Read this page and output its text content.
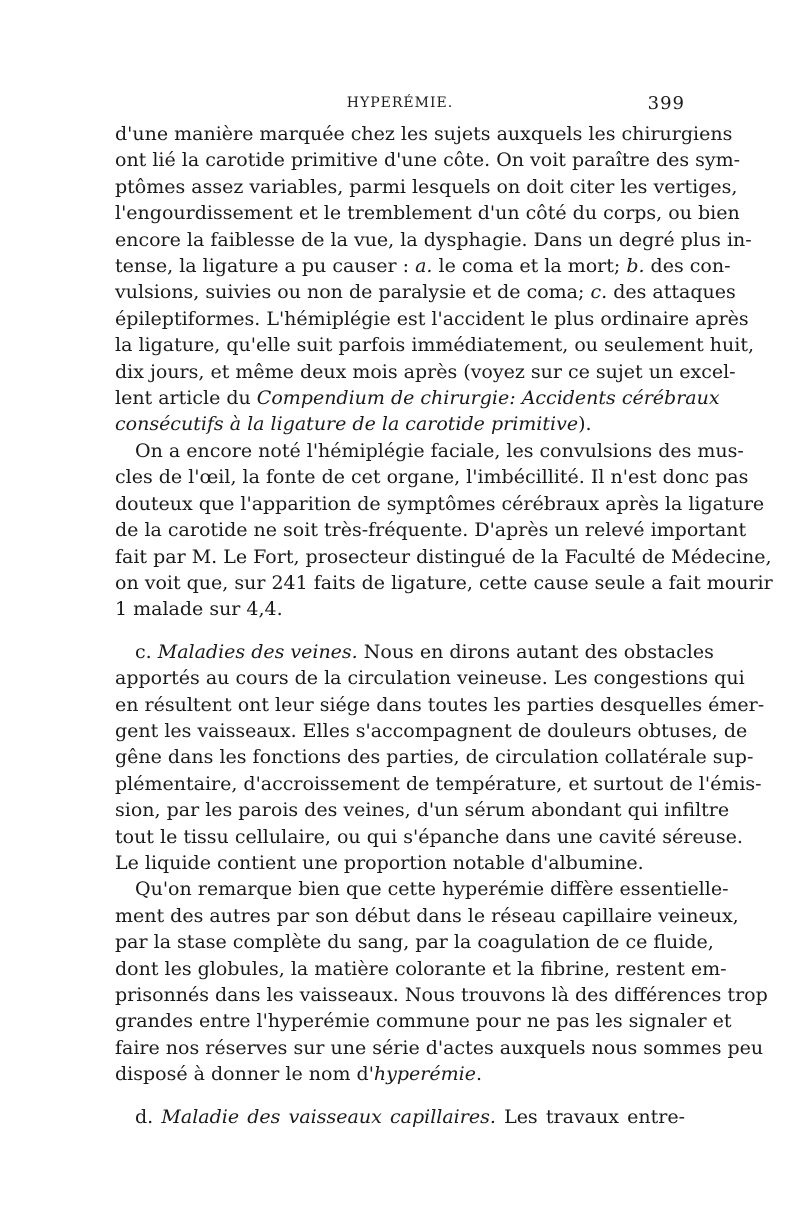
HYPERÉMIE.	399
d'une manière marquée chez les sujets auxquels les chirurgiens
ont lié la carotide primitive d'une côte. On voit paraître des sym-
ptômes assez variables, parmi lesquels on doit citer les vertiges,
l'engourdissement et le tremblement d'un côté du corps, ou bien
encore la faiblesse de la vue, la dysphagie. Dans un degré plus in-
tense, la ligature a pu causer : a. le coma et la mort; b. des con-
vulsions, suivies ou non de paralysie et de coma; c. des attaques
épileptiformes. L'hémiplégie est l'accident le plus ordinaire après
la ligature, qu'elle suit parfois immédiatement, ou seulement huit,
dix jours, et même deux mois après (voyez sur ce sujet un excel-
lent article du Compendium de chirurgie: Accidents cérébraux
consécutifs à la ligature de la carotide primitive).
On a encore noté l'hémiplégie faciale, les convulsions des mus-
cles de l'œil, la fonte de cet organe, l'imbécillité. Il n'est donc pas
douteux que l'apparition de symptômes cérébraux après la ligature
de la carotide ne soit très-fréquente. D'après un relevé important
fait par M. Le Fort, prosecteur distingué de la Faculté de Médecine,
on voit que, sur 241 faits de ligature, cette cause seule a fait mourir
1 malade sur 4,4.
c. Maladies des veines. Nous en dirons autant des obstacles
apportés au cours de la circulation veineuse. Les congestions qui
en résultent ont leur siége dans toutes les parties desquelles émer-
gent les vaisseaux. Elles s'accompagnent de douleurs obtuses, de
gêne dans les fonctions des parties, de circulation collatérale sup-
plémentaire, d'accroissement de température, et surtout de l'émis-
sion, par les parois des veines, d'un sérum abondant qui infiltre
tout le tissu cellulaire, ou qui s'épanche dans une cavité séreuse.
Le liquide contient une proportion notable d'albumine.
Qu'on remarque bien que cette hyperémie diffère essentielle-
ment des autres par son début dans le réseau capillaire veineux,
par la stase complète du sang, par la coagulation de ce fluide,
dont les globules, la matière colorante et la fibrine, restent em-
prisonnés dans les vaisseaux. Nous trouvons là des différences trop
grandes entre l'hyperémie commune pour ne pas les signaler et
faire nos réserves sur une série d'actes auxquels nous sommes peu
disposé à donner le nom d'hyperémie.
d. Maladie des vaisseaux capillaires. Les travaux entre-
